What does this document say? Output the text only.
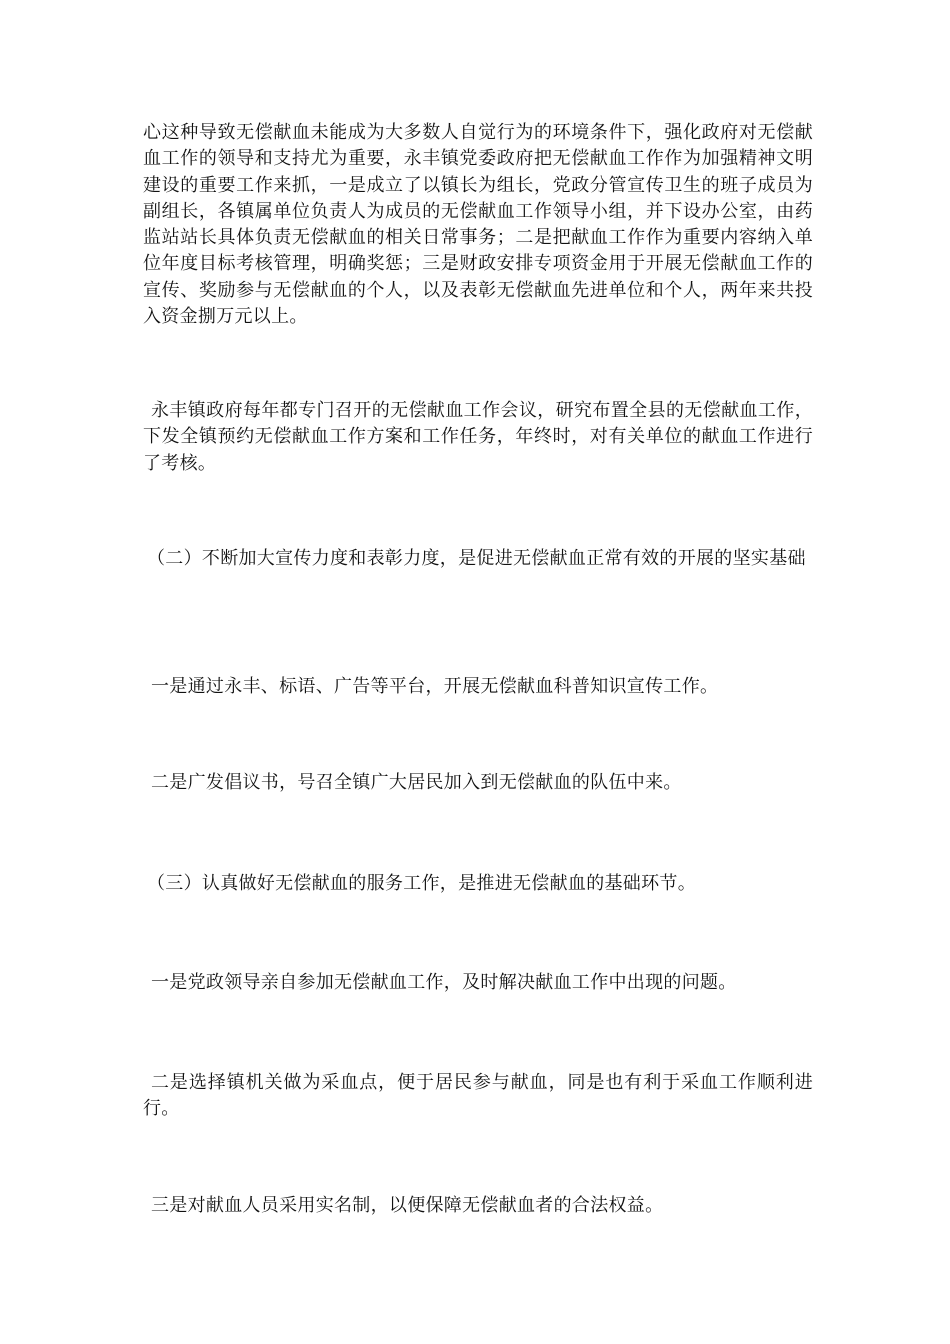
心这种导致无偿献血未能成为大多数人自觉行为的环境条件下，强化政府对无偿献血工作的领导和支持尤为重要，永丰镇党委政府把无偿献血工作作为加强精神文明建设的重要工作来抓，一是成立了以镇长为组长，党政分管宣传卫生的班子成员为副组长，各镇属单位负责人为成员的无偿献血工作领导小组，并下设办公室，由药监站站长具体负责无偿献血的相关日常事务；二是把献血工作作为重要内容纳入单位年度目标考核管理，明确奖惩；三是财政安排专项资金用于开展无偿献血工作的宣传、奖励参与无偿献血的个人，以及表彰无偿献血先进单位和个人，两年来共投入资金捌万元以上。

永丰镇政府每年都专门召开的无偿献血工作会议，研究布置全县的无偿献血工作，下发全镇预约无偿献血工作方案和工作任务，年终时，对有关单位的献血工作进行了考核。

（二）不断加大宣传力度和表彰力度，是促进无偿献血正常有效的开展的坚实基础

一是通过永丰、标语、广告等平台，开展无偿献血科普知识宣传工作。

二是广发倡议书，号召全镇广大居民加入到无偿献血的队伍中来。

（三）认真做好无偿献血的服务工作，是推进无偿献血的基础环节。

一是党政领导亲自参加无偿献血工作，及时解决献血工作中出现的问题。

二是选择镇机关做为采血点，便于居民参与献血，同是也有利于采血工作顺利进行。

三是对献血人员采用实名制，以便保障无偿献血者的合法权益。
